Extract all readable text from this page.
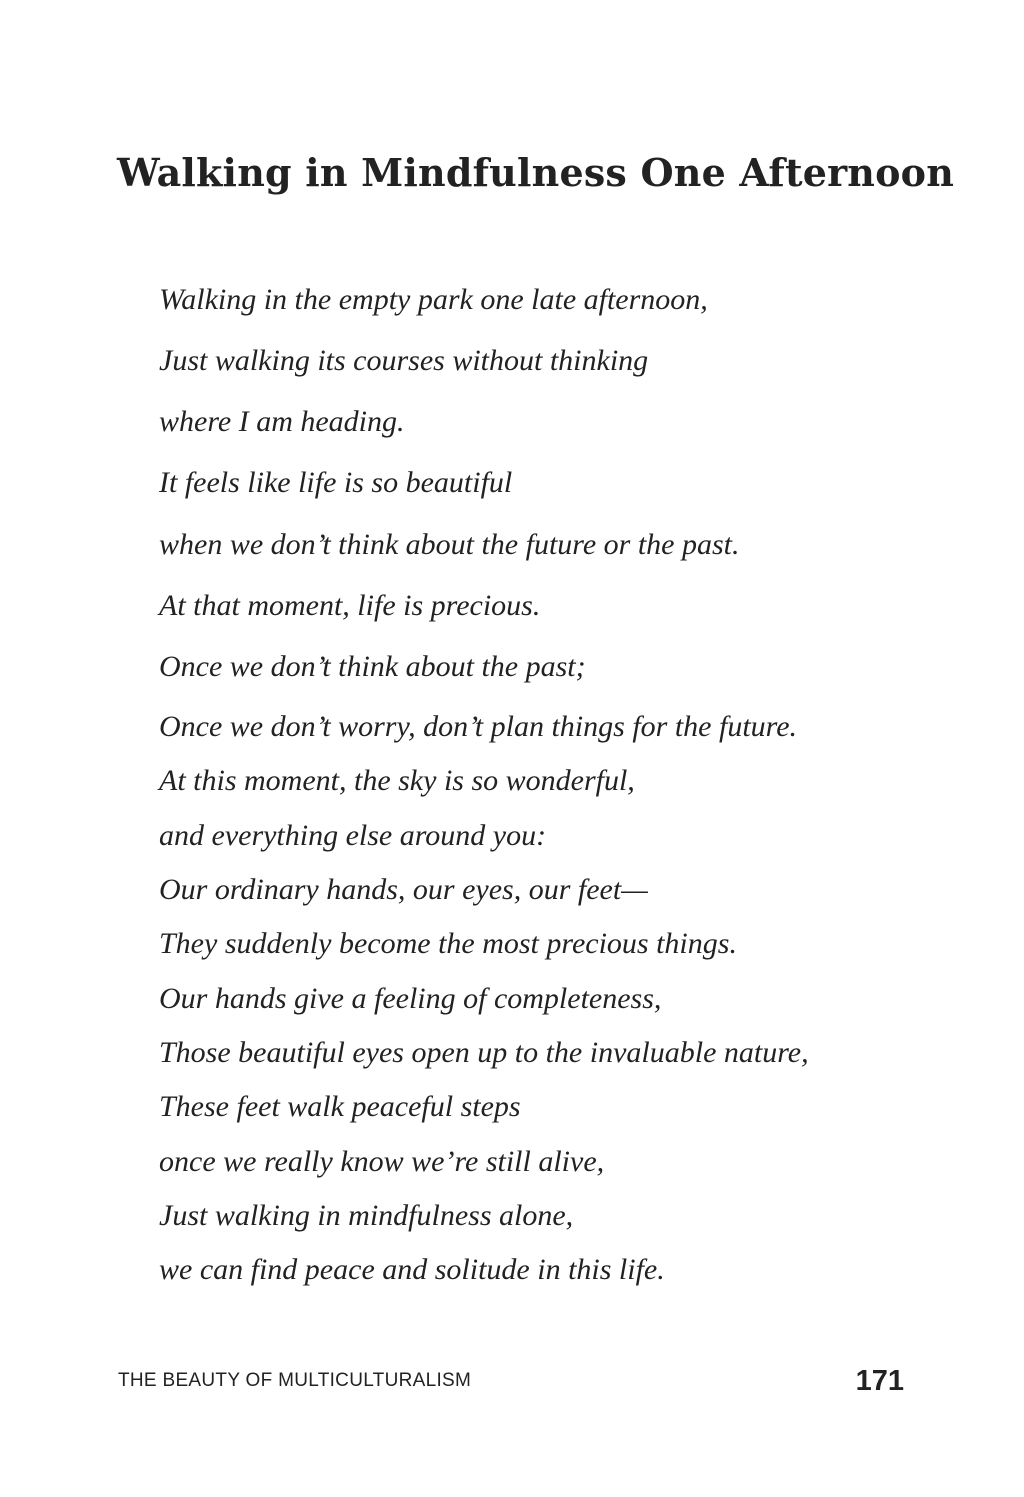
Walking in Mindfulness One Afternoon
Walking in the empty park one late afternoon,
Just walking its courses without thinking
where I am heading.
It feels like life is so beautiful
when we don’t think about the future or the past.
At that moment, life is precious.
Once we don’t think about the past;
Once we don’t worry, don’t plan things for the future.
At this moment, the sky is so wonderful,
and everything else around you:
Our ordinary hands, our eyes, our feet—
They suddenly become the most precious things.
Our hands give a feeling of completeness,
Those beautiful eyes open up to the invaluable nature,
These feet walk peaceful steps
once we really know we’re still alive,
Just walking in mindfulness alone,
we can find peace and solitude in this life.
THE BEAUTY OF MULTICULTURALISM	171
